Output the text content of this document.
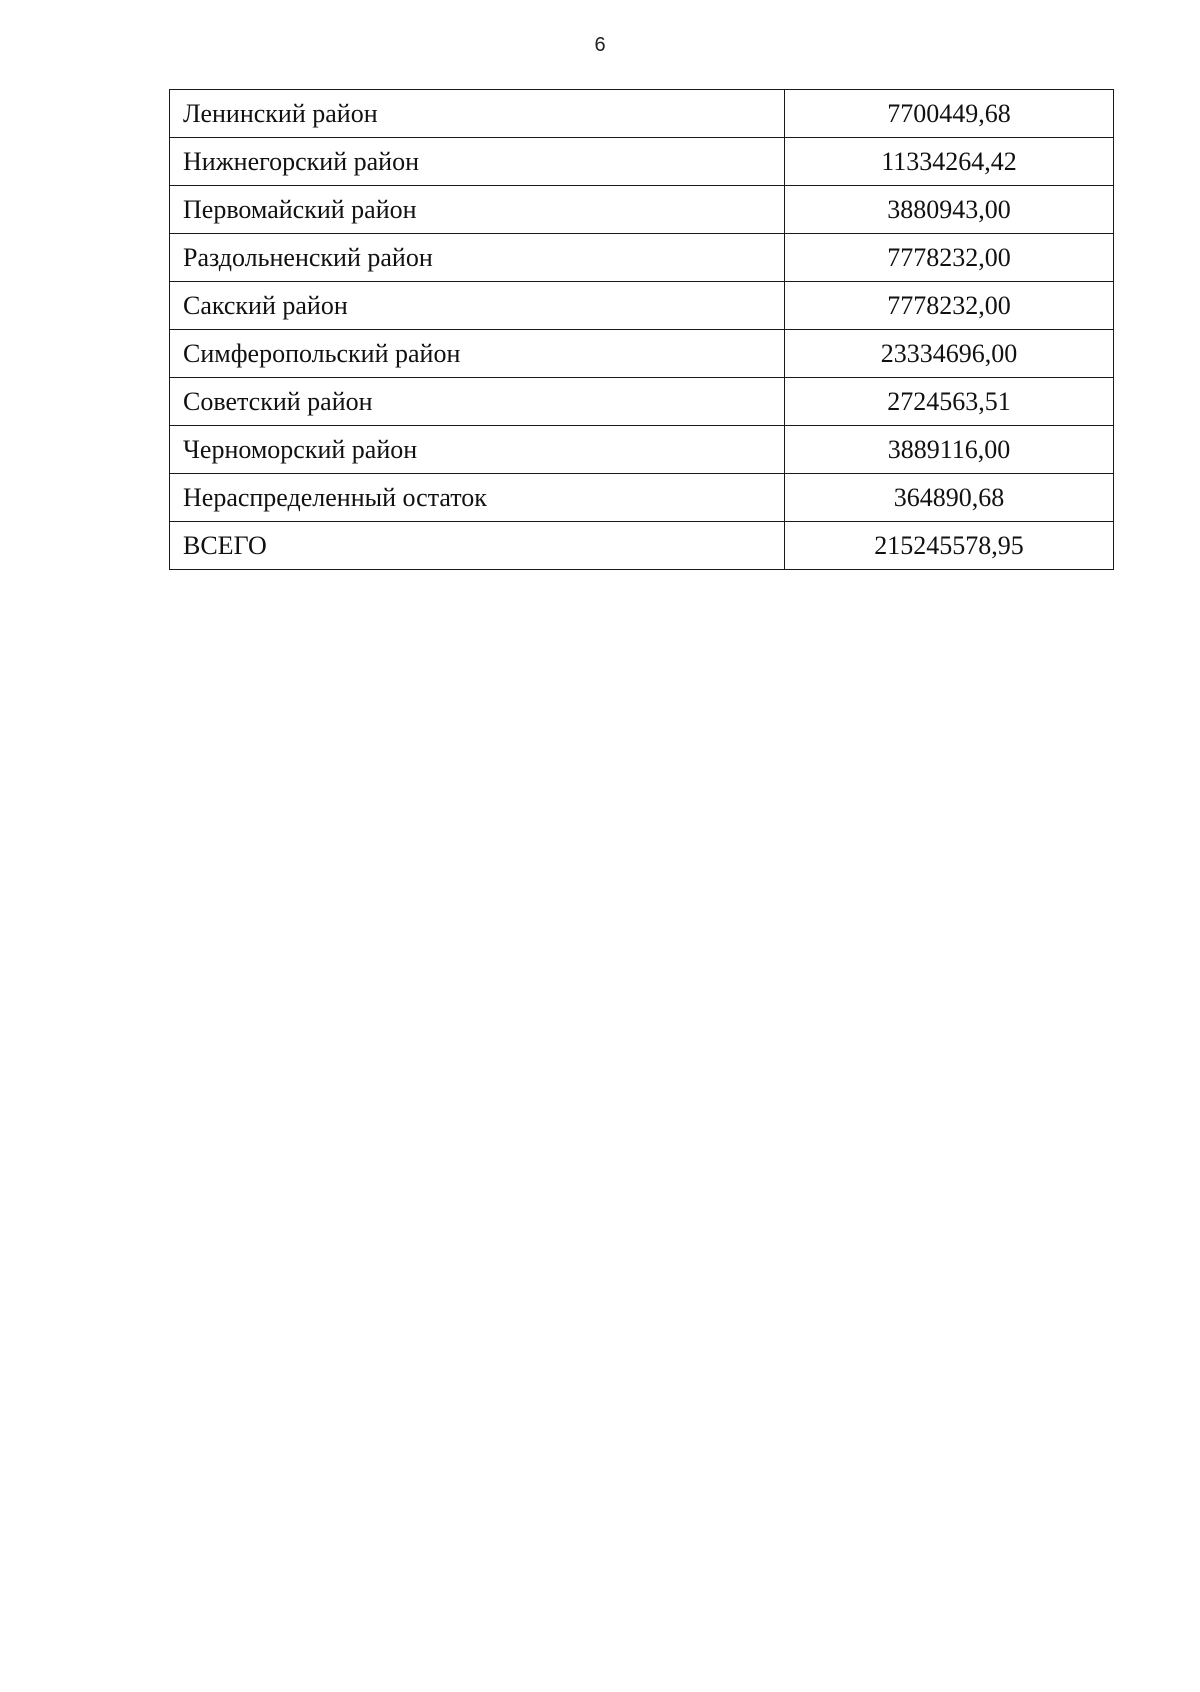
6
Ленинский район	7700449,68
Нижнегорский район	11334264,42
Первомайский район	3880943,00
Раздольненский район	7778232,00
Сакский район	7778232,00
Симферопольский район	23334696,00
Советский район	2724563,51
Черноморский район	3889116,00
Нераспределенный остаток	364890,68
ВСЕГО	215245578,95
